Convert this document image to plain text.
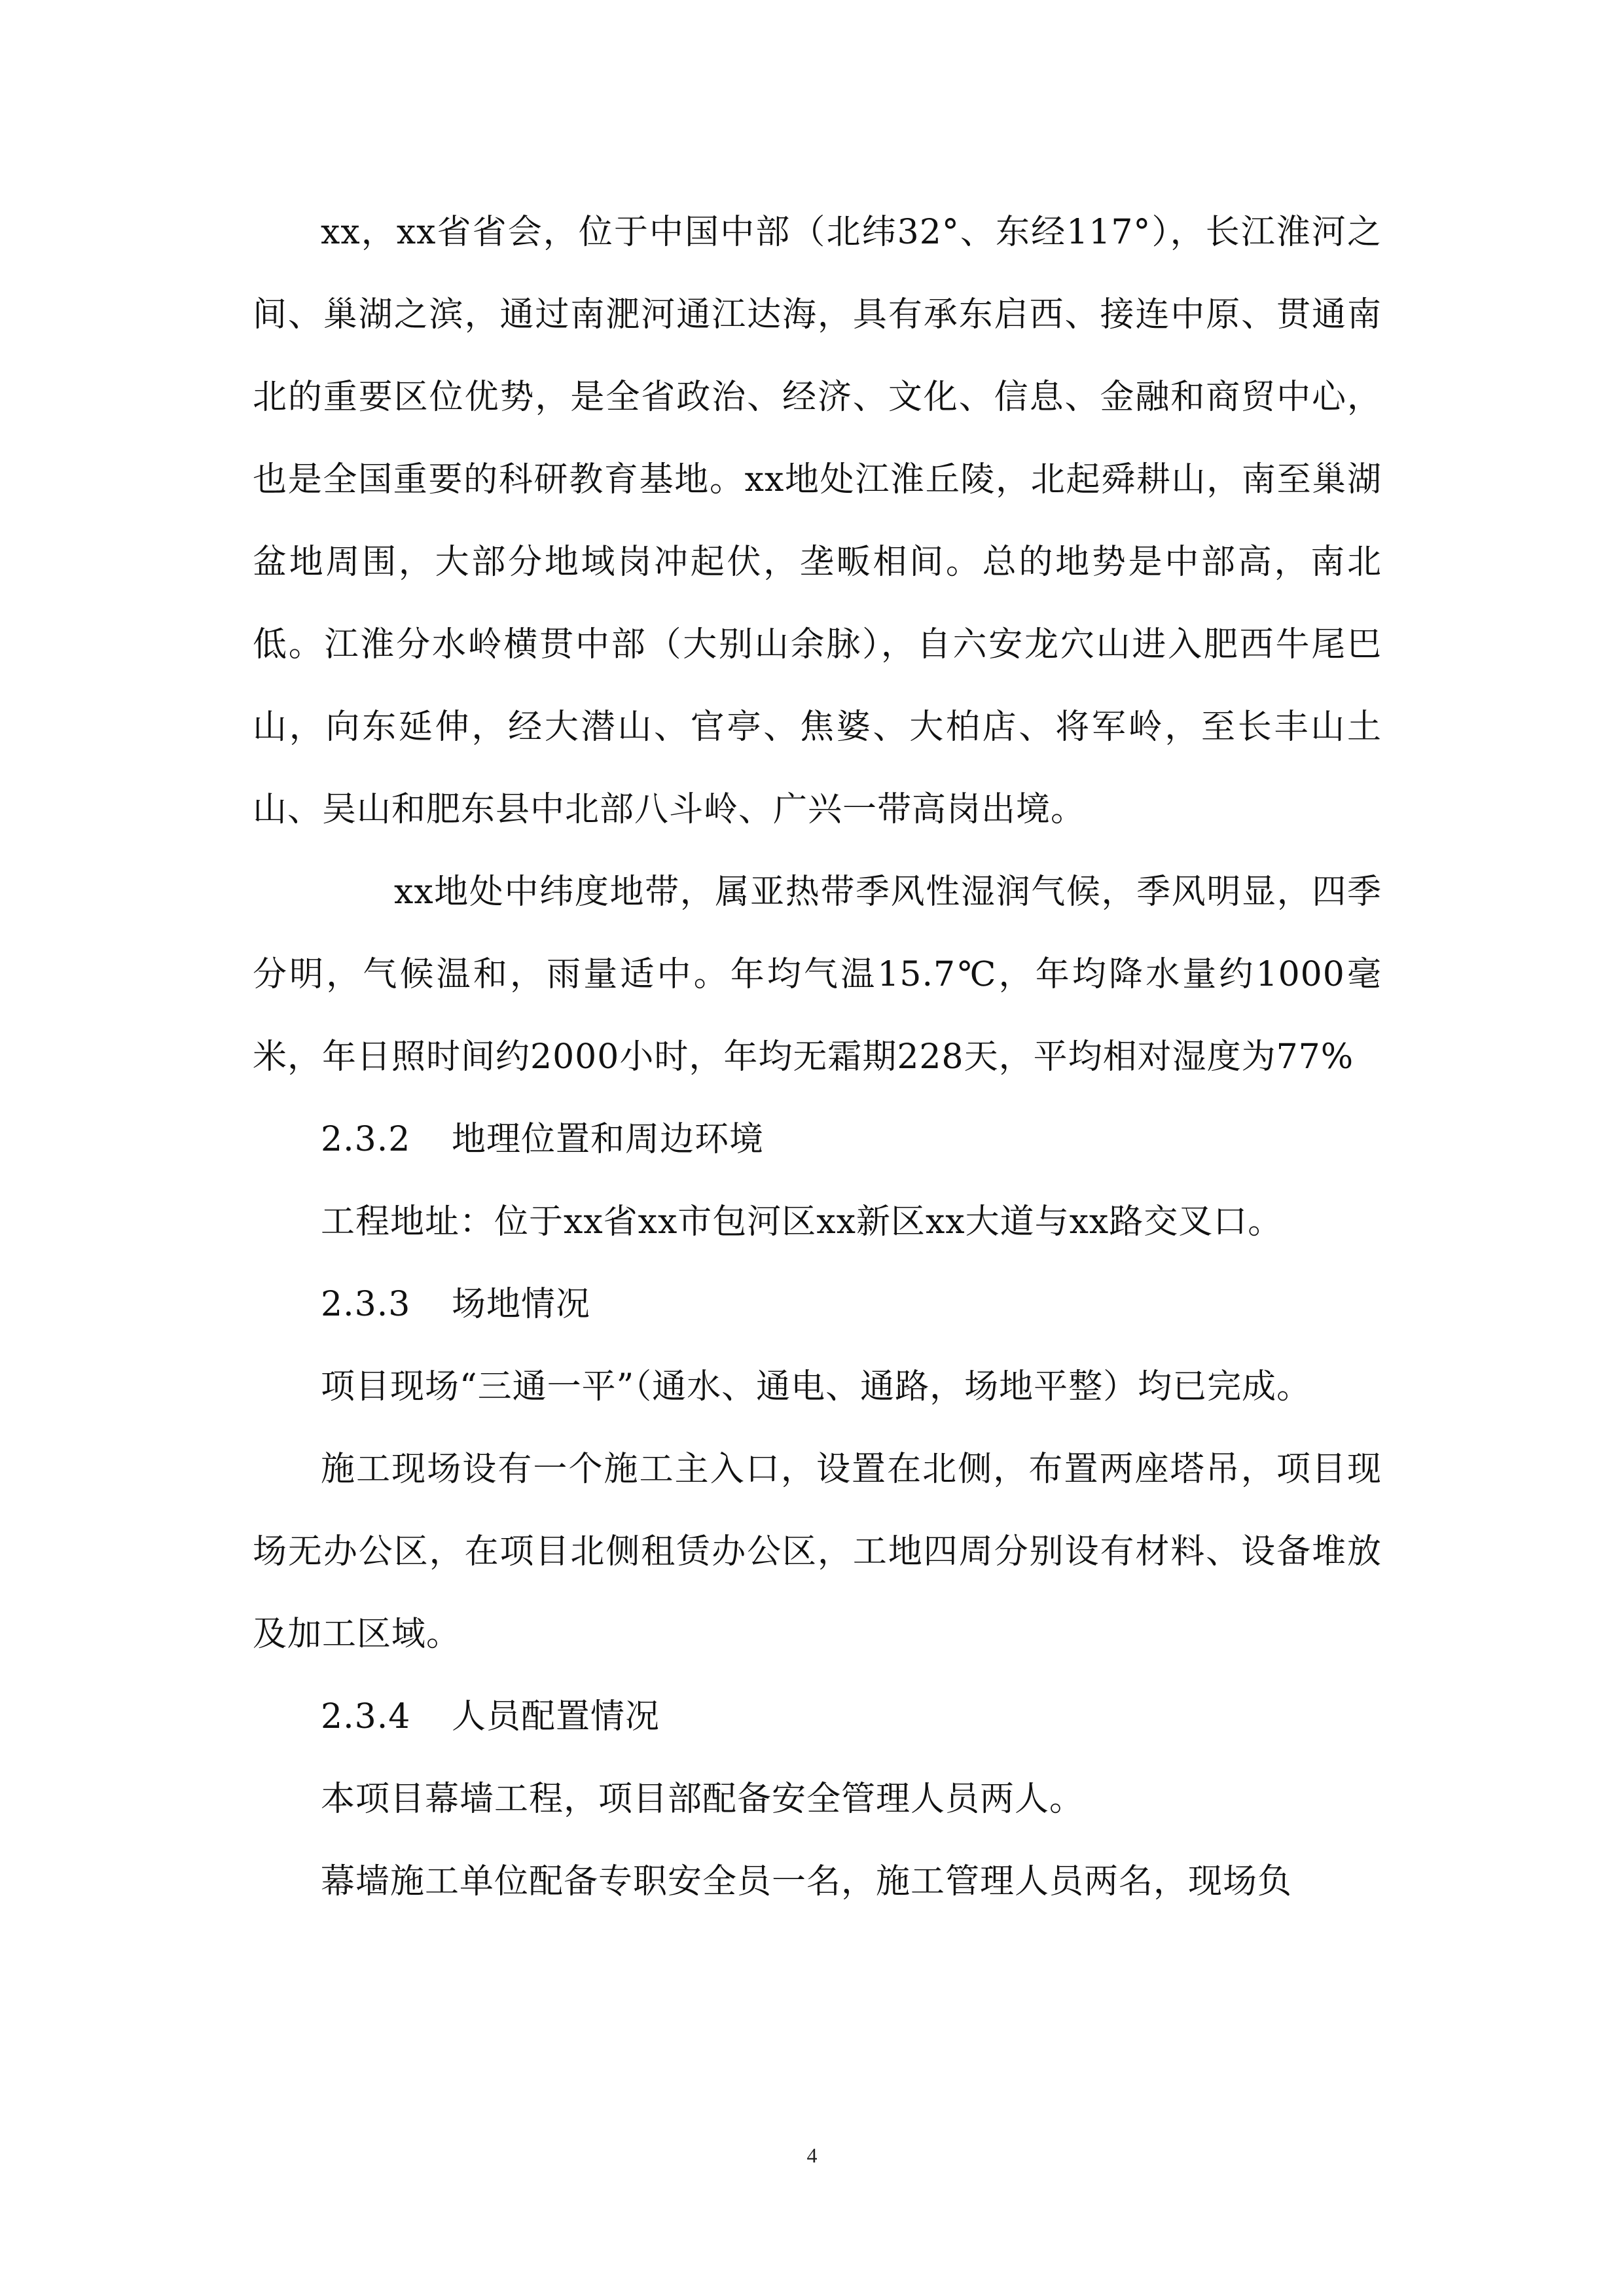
xx，xx省省会，位于中国中部（北纬32°、东经117°），长江淮河之间、巢湖之滨，通过南淝河通江达海，具有承东启西、接连中原、贯通南北的重要区位优势，是全省政治、经济、文化、信息、金融和商贸中心，也是全国重要的科研教育基地。xx地处江淮丘陵，北起舜耕山，南至巢湖盆地周围，大部分地域岗冲起伏，垄畈相间。总的地势是中部高，南北低。江淮分水岭横贯中部（大别山余脉），自六安龙穴山进入肥西牛尾巴山，向东延伸，经大潜山、官亭、焦婆、大柏店、将军岭，至长丰山土山、吴山和肥东县中北部八斗岭、广兴一带高岗出境。

xx地处中纬度地带，属亚热带季风性湿润气候，季风明显，四季分明，气候温和，雨量适中。年均气温15.7℃，年均降水量约1000毫米，年日照时间约2000小时，年均无霜期228天，平均相对湿度为77%

2.3.2 地理位置和周边环境

工程地址：位于xx省xx市包河区xx新区xx大道与xx路交叉口。

2.3.3 场地情况

项目现场“三通一平”（通水、通电、通路，场地平整）均已完成。

施工现场设有一个施工主入口，设置在北侧，布置两座塔吊，项目现场无办公区，在项目北侧租赁办公区，工地四周分别设有材料、设备堆放及加工区域。

2.3.4 人员配置情况

本项目幕墙工程，项目部配备安全管理人员两人。

幕墙施工单位配备专职安全员一名，施工管理人员两名，现场负

4
